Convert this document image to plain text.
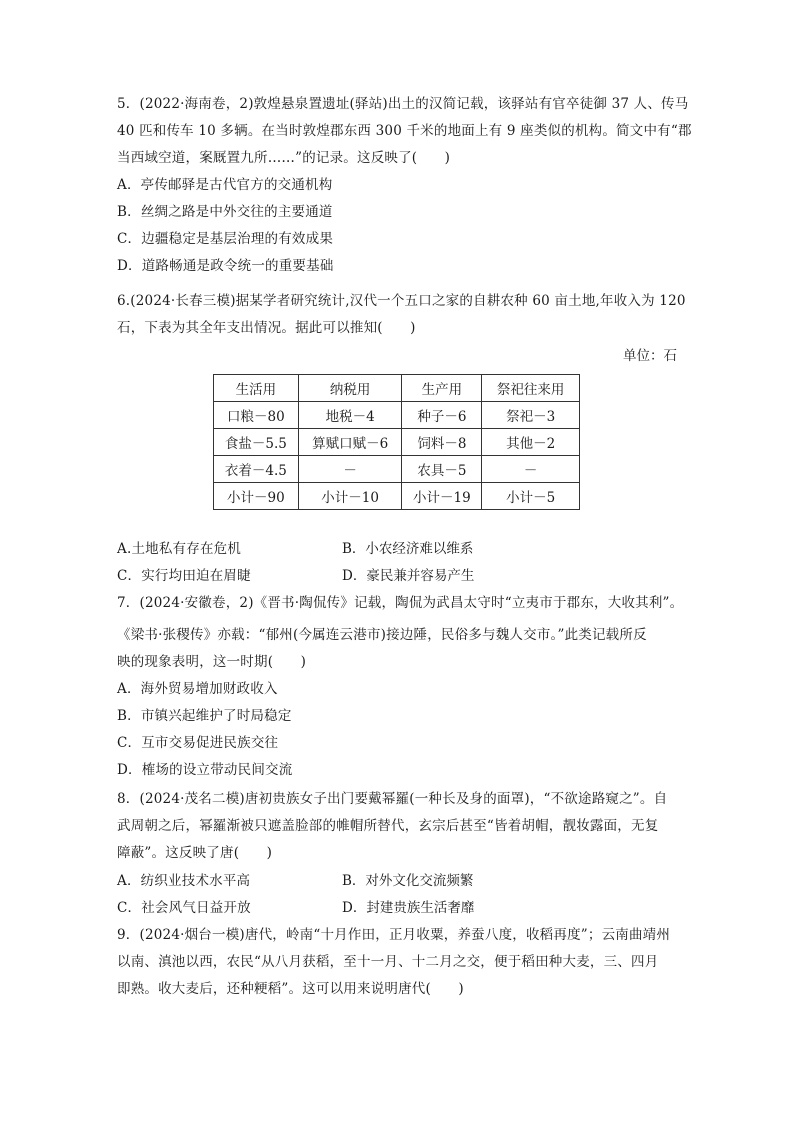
5．(2022·海南卷，2)敦煌悬泉置遗址(驿站)出土的汉简记载，该驿站有官卒徒御 37 人、传马
40 匹和传车 10 多辆。在当时敦煌郡东西 300 千米的地面上有 9 座类似的机构。简文中有“郡
当西域空道，案厩置九所……”的记录。这反映了(　　)
A．亭传邮驿是古代官方的交通机构
B．丝绸之路是中外交往的主要通道
C．边疆稳定是基层治理的有效成果
D．道路畅通是政令统一的重要基础
6.(2024·长春三模)据某学者研究统计,汉代一个五口之家的自耕农种 60 亩土地,年收入为 120
石，下表为其全年支出情况。据此可以推知(　　)
单位：石
生活用	纳税用	生产用	祭祀往来用
口粮－80	地税－4	种子－6	祭祀－3
食盐－5.5	算赋口赋－6	饲料－8	其他－2
衣着－4.5	－	农具－5	－
小计－90	小计－10	小计－19	小计－5
A.土地私有存在危机	B．小农经济难以维系
C．实行均田迫在眉睫	D．豪民兼并容易产生
7．(2024·安徽卷，2)《晋书·陶侃传》记载，陶侃为武昌太守时“立夷市于郡东，大收其利”。
《梁书·张稷传》亦载：“郁州(今属连云港市)接边陲，民俗多与魏人交市。”此类记载所反
映的现象表明，这一时期(　　)
A．海外贸易增加财政收入
B．市镇兴起维护了时局稳定
C．互市交易促进民族交往
D．榷场的设立带动民间交流
8．(2024·茂名二模)唐初贵族女子出门要戴幂羅(一种长及身的面罩)，“不欲途路窥之”。自
武周朝之后，幂羅渐被只遮盖脸部的帷帽所替代，玄宗后甚至“皆着胡帽，靓妆露面，无复
障蔽”。这反映了唐(　　)
A．纺织业技术水平高	B．对外文化交流频繁
C．社会风气日益开放	D．封建贵族生活奢靡
9．(2024·烟台一模)唐代，岭南“十月作田，正月收粟，养蚕八度，收稻再度”；云南曲靖州
以南、滇池以西，农民“从八月获稻，至十一月、十二月之交，便于稻田种大麦，三、四月
即熟。收大麦后，还种粳稻”。这可以用来说明唐代(　　)
